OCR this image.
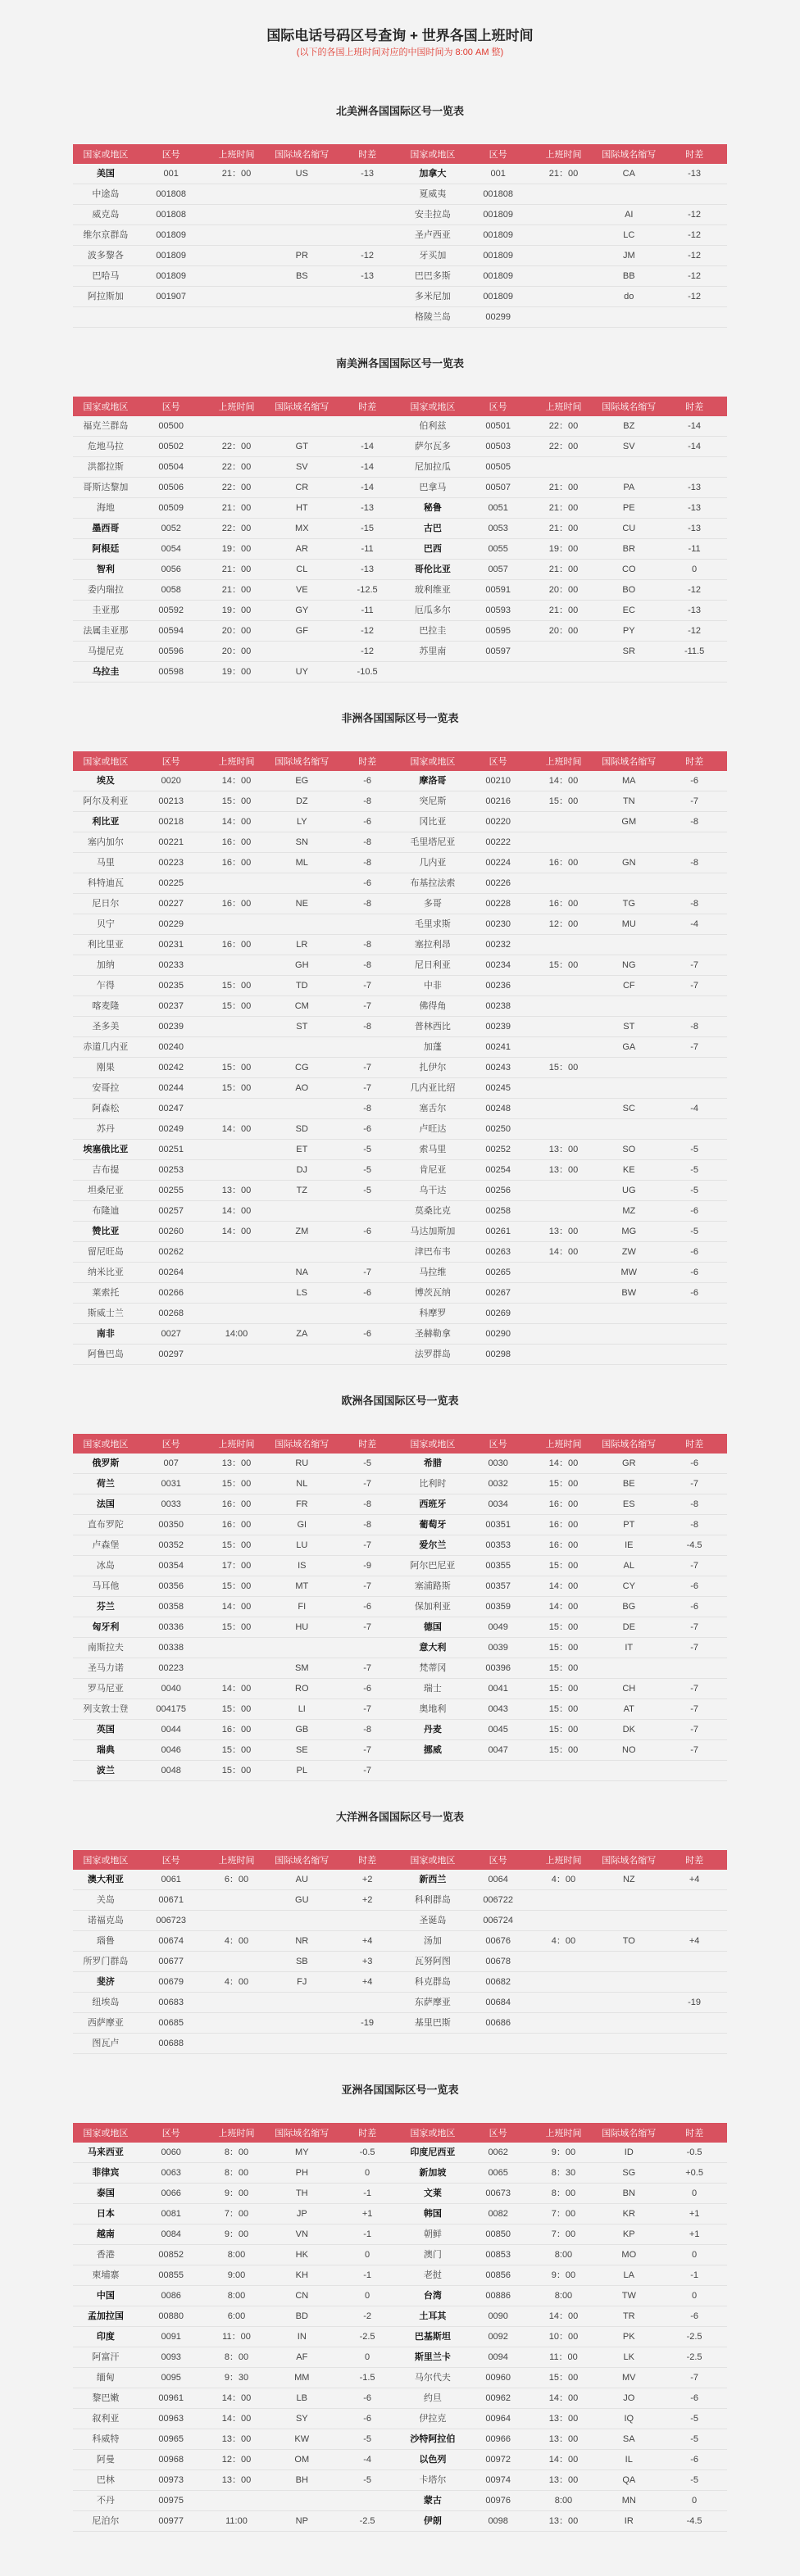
国际电话号码区号查询 + 世界各国上班时间
(以下的各国上班时间对应的中国时间为 8:00 AM 整)
北美洲各国国际区号一览表
国家或地区	区号	上班时间	国际域名缩写	时差	国家或地区	区号	上班时间	国际域名缩写	时差
美国	001	21：00	US	-13	加拿大	001	21：00	CA	-13
中途岛	001808				夏威夷	001808			
威克岛	001808				安圭拉岛	001809		AI	-12
维尔京群岛	001809				圣卢西亚	001809		LC	-12
波多黎各	001809		PR	-12	牙买加	001809		JM	-12
巴哈马	001809		BS	-13	巴巴多斯	001809		BB	-12
阿拉斯加	001907				多米尼加	001809		do	-12
					格陵兰岛	00299			
南美洲各国国际区号一览表
国家或地区	区号	上班时间	国际域名缩写	时差	国家或地区	区号	上班时间	国际域名缩写	时差
福克兰群岛	00500				伯利兹	00501	22：00	BZ	-14
危地马拉	00502	22：00	GT	-14	萨尔瓦多	00503	22：00	SV	-14
洪都拉斯	00504	22：00	SV	-14	尼加拉瓜	00505			
哥斯达黎加	00506	22：00	CR	-14	巴拿马	00507	21：00	PA	-13
海地	00509	21：00	HT	-13	秘鲁	0051	21：00	PE	-13
墨西哥	0052	22：00	MX	-15	古巴	0053	21：00	CU	-13
阿根廷	0054	19：00	AR	-11	巴西	0055	19：00	BR	-11
智利	0056	21：00	CL	-13	哥伦比亚	0057	21：00	CO	0
委内瑞拉	0058	21：00	VE	-12.5	玻利维亚	00591	20：00	BO	-12
圭亚那	00592	19：00	GY	-11	厄瓜多尔	00593	21：00	EC	-13
法属圭亚那	00594	20：00	GF	-12	巴拉圭	00595	20：00	PY	-12
马提尼克	00596	20：00		-12	苏里南	00597		SR	-11.5
乌拉圭	00598	19：00	UY	-10.5					
非洲各国国际区号一览表
国家或地区	区号	上班时间	国际域名缩写	时差	国家或地区	区号	上班时间	国际域名缩写	时差
埃及	0020	14：00	EG	-6	摩洛哥	00210	14：00	MA	-6
阿尔及利亚	00213	15：00	DZ	-8	突尼斯	00216	15：00	TN	-7
利比亚	00218	14：00	LY	-6	冈比亚	00220		GM	-8
塞内加尔	00221	16：00	SN	-8	毛里塔尼亚	00222			
马里	00223	16：00	ML	-8	几内亚	00224	16：00	GN	-8
科特迪瓦	00225			-6	布基拉法索	00226			
尼日尔	00227	16：00	NE	-8	多哥	00228	16：00	TG	-8
贝宁	00229				毛里求斯	00230	12：00	MU	-4
利比里亚	00231	16：00	LR	-8	塞拉利昂	00232			
加纳	00233		GH	-8	尼日利亚	00234	15：00	NG	-7
乍得	00235	15：00	TD	-7	中非	00236		CF	-7
喀麦隆	00237	15：00	CM	-7	佛得角	00238			
圣多美	00239		ST	-8	普林西比	00239		ST	-8
赤道几内亚	00240				加蓬	00241		GA	-7
刚果	00242	15：00	CG	-7	扎伊尔	00243	15：00		
安哥拉	00244	15：00	AO	-7	几内亚比绍	00245			
阿森松	00247			-8	塞舌尔	00248		SC	-4
苏丹	00249	14：00	SD	-6	卢旺达	00250			
埃塞俄比亚	00251		ET	-5	索马里	00252	13：00	SO	-5
吉布提	00253		DJ	-5	肯尼亚	00254	13：00	KE	-5
坦桑尼亚	00255	13：00	TZ	-5	乌干达	00256		UG	-5
布隆迪	00257	14：00			莫桑比克	00258		MZ	-6
赞比亚	00260	14：00	ZM	-6	马达加斯加	00261	13：00	MG	-5
留尼旺岛	00262				津巴布韦	00263	14：00	ZW	-6
纳米比亚	00264		NA	-7	马拉维	00265		MW	-6
莱索托	00266		LS	-6	博茨瓦纳	00267		BW	-6
斯威士兰	00268				科摩罗	00269			
南非	0027	14:00	ZA	-6	圣赫勒拿	00290			
阿鲁巴岛	00297				法罗群岛	00298			
欧洲各国国际区号一览表
国家或地区	区号	上班时间	国际域名缩写	时差	国家或地区	区号	上班时间	国际域名缩写	时差
俄罗斯	007	13：00	RU	-5	希腊	0030	14：00	GR	-6
荷兰	0031	15：00	NL	-7	比利时	0032	15：00	BE	-7
法国	0033	16：00	FR	-8	西班牙	0034	16：00	ES	-8
直布罗陀	00350	16：00	GI	-8	葡萄牙	00351	16：00	PT	-8
卢森堡	00352	15：00	LU	-7	爱尔兰	00353	16：00	IE	-4.5
冰岛	00354	17：00	IS	-9	阿尔巴尼亚	00355	15：00	AL	-7
马耳他	00356	15：00	MT	-7	塞浦路斯	00357	14：00	CY	-6
芬兰	00358	14：00	FI	-6	保加利亚	00359	14：00	BG	-6
匈牙利	00336	15：00	HU	-7	德国	0049	15：00	DE	-7
南斯拉夫	00338				意大利	0039	15：00	IT	-7
圣马力诺	00223		SM	-7	梵蒂冈	00396	15：00		
罗马尼亚	0040	14：00	RO	-6	瑞士	0041	15：00	CH	-7
列支敦士登	004175	15：00	LI	-7	奥地利	0043	15：00	AT	-7
英国	0044	16：00	GB	-8	丹麦	0045	15：00	DK	-7
瑞典	0046	15：00	SE	-7	挪威	0047	15：00	NO	-7
波兰	0048	15：00	PL	-7					
大洋洲各国国际区号一览表
国家或地区	区号	上班时间	国际域名缩写	时差	国家或地区	区号	上班时间	国际域名缩写	时差
澳大利亚	0061	6：00	AU	+2	新西兰	0064	4：00	NZ	+4
关岛	00671		GU	+2	科利群岛	006722			
诺福克岛	006723				圣诞岛	006724			
瑙鲁	00674	4：00	NR	+4	汤加	00676	4：00	TO	+4
所罗门群岛	00677		SB	+3	瓦努阿图	00678			
斐济	00679	4：00	FJ	+4	科克群岛	00682			
纽埃岛	00683				东萨摩亚	00684			-19
西萨摩亚	00685			-19	基里巴斯	00686			
图瓦卢	00688								
亚洲各国国际区号一览表
国家或地区	区号	上班时间	国际域名缩写	时差	国家或地区	区号	上班时间	国际域名缩写	时差
马来西亚	0060	8：00	MY	-0.5	印度尼西亚	0062	9：00	ID	-0.5
菲律宾	0063	8：00	PH	0	新加坡	0065	8：30	SG	+0.5
泰国	0066	9：00	TH	-1	文莱	00673	8：00	BN	0
日本	0081	7：00	JP	+1	韩国	0082	7：00	KR	+1
越南	0084	9：00	VN	-1	朝鲜	00850	7：00	KP	+1
香港	00852	8:00	HK	0	澳门	00853	8:00	MO	0
柬埔寨	00855	9:00	KH	-1	老挝	00856	9：00	LA	-1
中国	0086	8:00	CN	0	台湾	00886	8:00	TW	0
孟加拉国	00880	6:00	BD	-2	土耳其	0090	14：00	TR	-6
印度	0091	11：00	IN	-2.5	巴基斯坦	0092	10：00	PK	-2.5
阿富汗	0093	8：00	AF	0	斯里兰卡	0094	11：00	LK	-2.5
缅甸	0095	9：30	MM	-1.5	马尔代夫	00960	15：00	MV	-7
黎巴嫩	00961	14：00	LB	-6	约旦	00962	14：00	JO	-6
叙利亚	00963	14：00	SY	-6	伊拉克	00964	13：00	IQ	-5
科威特	00965	13：00	KW	-5	沙特阿拉伯	00966	13：00	SA	-5
阿曼	00968	12：00	OM	-4	以色列	00972	14：00	IL	-6
巴林	00973	13：00	BH	-5	卡塔尔	00974	13：00	QA	-5
不丹	00975				蒙古	00976	8:00	MN	0
尼泊尔	00977	11:00	NP	-2.5	伊朗	0098	13：00	IR	-4.5
